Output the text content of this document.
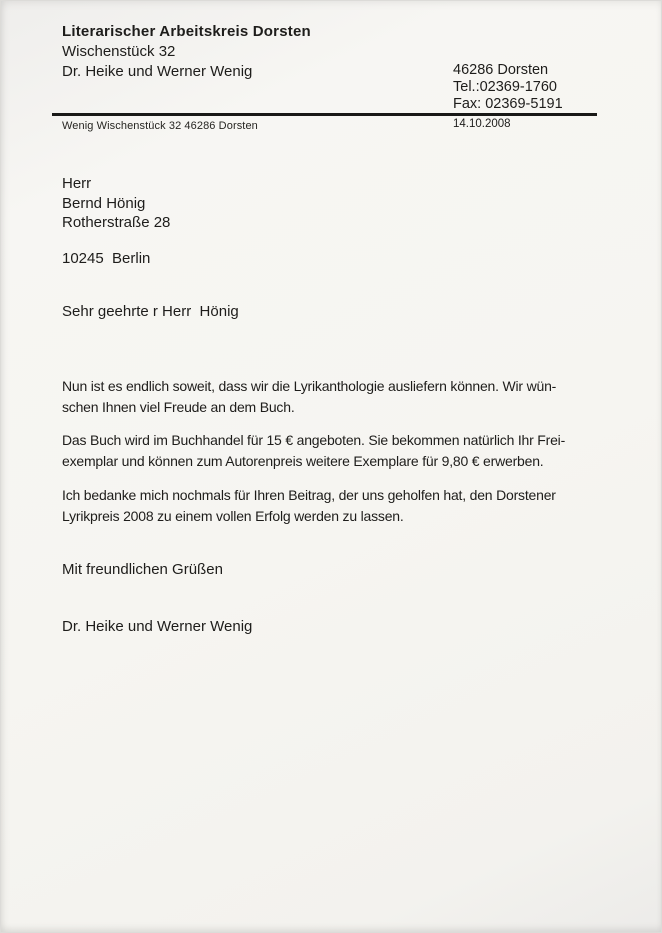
Literarischer Arbeitskreis Dorsten
Wischenstück 32
Dr. Heike und Werner Wenig	46286 Dorsten
Tel.:02369-1760
Fax: 02369-5191
Wenig Wischenstück 32 46286 Dorsten	14.10.2008
Herr
Bernd Hönig
Rotherstraße 28
10245  Berlin
Sehr geehrte r Herr  Hönig
Nun ist es endlich soweit, dass wir die Lyrikanthologie ausliefern können. Wir wün-
schen Ihnen viel Freude an dem Buch.
Das Buch wird im Buchhandel für 15 € angeboten. Sie bekommen natürlich Ihr Frei-
exemplar und können zum Autorenpreis weitere Exemplare für 9,80 € erwerben.
Ich bedanke mich nochmals für Ihren Beitrag, der uns geholfen hat, den Dorstener
Lyrikpreis 2008 zu einem vollen Erfolg werden zu lassen.
Mit freundlichen Grüßen
Dr. Heike und Werner Wenig
